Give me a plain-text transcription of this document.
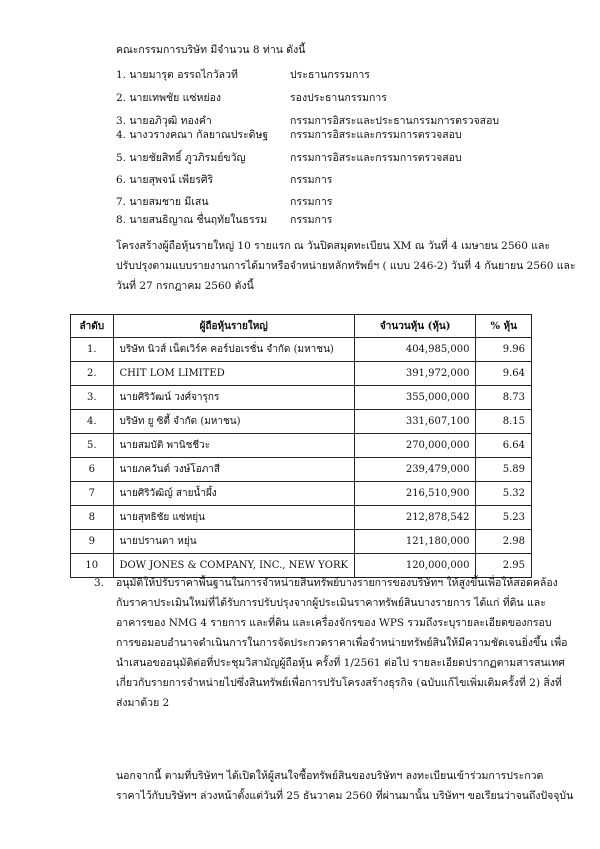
คณะกรรมการบริษัท มีจำนวน 8 ท่าน ดังนี้
1. นายมารุต อรรถไกวัลวที	ประธานกรรมการ
2. นายเทพชัย แซ่หย่อง	รองประธานกรรมการ
3. นายอภิวุฒิ ทองคำ	กรรมการอิสระและประธานกรรมการตรวจสอบ
4. นางวรางคณา กัลยาณประดิษฐ กรรมการอิสระและกรรมการตรวจสอบ
5. นายชัยสิทธิ์ ภูวภิรมย์ขวัญ	กรรมการอิสระและกรรมการตรวจสอบ
6. นายสุพจน์ เพียรศิริ	กรรมการ
7. นายสมชาย มีเสน	กรรมการ
8. นายสนธิญาณ ชื่นฤทัยในธรรม กรรมการ
โครงสร้างผู้ถือหุ้นรายใหญ่ 10 รายแรก ณ วันปิดสมุดทะเบียน XM ณ วันที่ 4 เมษายน 2560 และ
ปรับปรุงตามแบบรายงานการได้มาหรือจำหน่ายหลักทรัพย์ฯ ( แบบ 246-2) วันที่ 4 กันยายน 2560 และ
วันที่ 27 กรกฎาคม 2560 ดังนี้
ลำดับ	ผู้ถือหุ้นรายใหญ่	จำนวนหุ้น (หุ้น)	% หุ้น
1.	บริษัท นิวส์ เน็ตเวิร์ค คอร์ปอเรชั่น จำกัด (มหาชน)	404,985,000	9.96
2.	CHIT LOM LIMITED	391,972,000	9.64
3.	นายศิริวัฒน์ วงศ์จารุกร	355,000,000	8.73
4.	บริษัท ยู ซิตี้ จำกัด (มหาชน)	331,607,100	8.15
5.	นายสมบัติ พานิชชีวะ	270,000,000	6.64
6	นายภควันต์ วงษ์โอภาสี	239,479,000	5.89
7	นายศิริวัฒิญ์ สายน้ำผึ้ง	216,510,900	5.32
8	นายสุทธิชัย แซ่หยุ่น	212,878,542	5.23
9	นายปรานดา หยุ่น	121,180,000	2.98
10	DOW JONES & COMPANY, INC., NEW YORK	120,000,000	2.95
3. อนุมัติให้ปรับราคาพื้นฐานในการจำหน่ายสินทรัพย์บางรายการของบริษัทฯ ให้สูงขึ้นเพื่อให้สอดคล้อง
กับราคาประเมินใหม่ที่ได้รับการปรับปรุงจากผู้ประเมินราคาทรัพย์สินบางรายการ ได้แก่ ที่ดิน และ
อาคารของ NMG 4 รายการ และที่ดิน และเครื่องจักรของ WPS รวมถึงระบุรายละเอียดของกรอบ
การขอมอบอำนาจดำเนินการในการจัดประกวดราคาเพื่อจำหน่ายทรัพย์สินให้มีความชัดเจนยิ่งขึ้น เพื่อ
นำเสนอขออนุมัติต่อที่ประชุมวิสามัญผู้ถือหุ้น ครั้งที่ 1/2561 ต่อไป รายละเอียดปรากฏตามสารสนเทศ
เกี่ยวกับรายการจำหน่ายไปซึ่งสินทรัพย์เพื่อการปรับโครงสร้างธุรกิจ (ฉบับแก้ไขเพิ่มเติมครั้งที่ 2) สิ่งที่
ส่งมาด้วย 2
นอกจากนี้ ตามที่บริษัทฯ ได้เปิดให้ผู้สนใจซื้อทรัพย์สินของบริษัทฯ ลงทะเบียนเข้าร่วมการประกวด
ราคาไว้กับบริษัทฯ ล่วงหน้าตั้งแต่วันที่ 25 ธันวาคม 2560 ที่ผ่านมานั้น บริษัทฯ ขอเรียนว่าจนถึงปัจจุบัน
